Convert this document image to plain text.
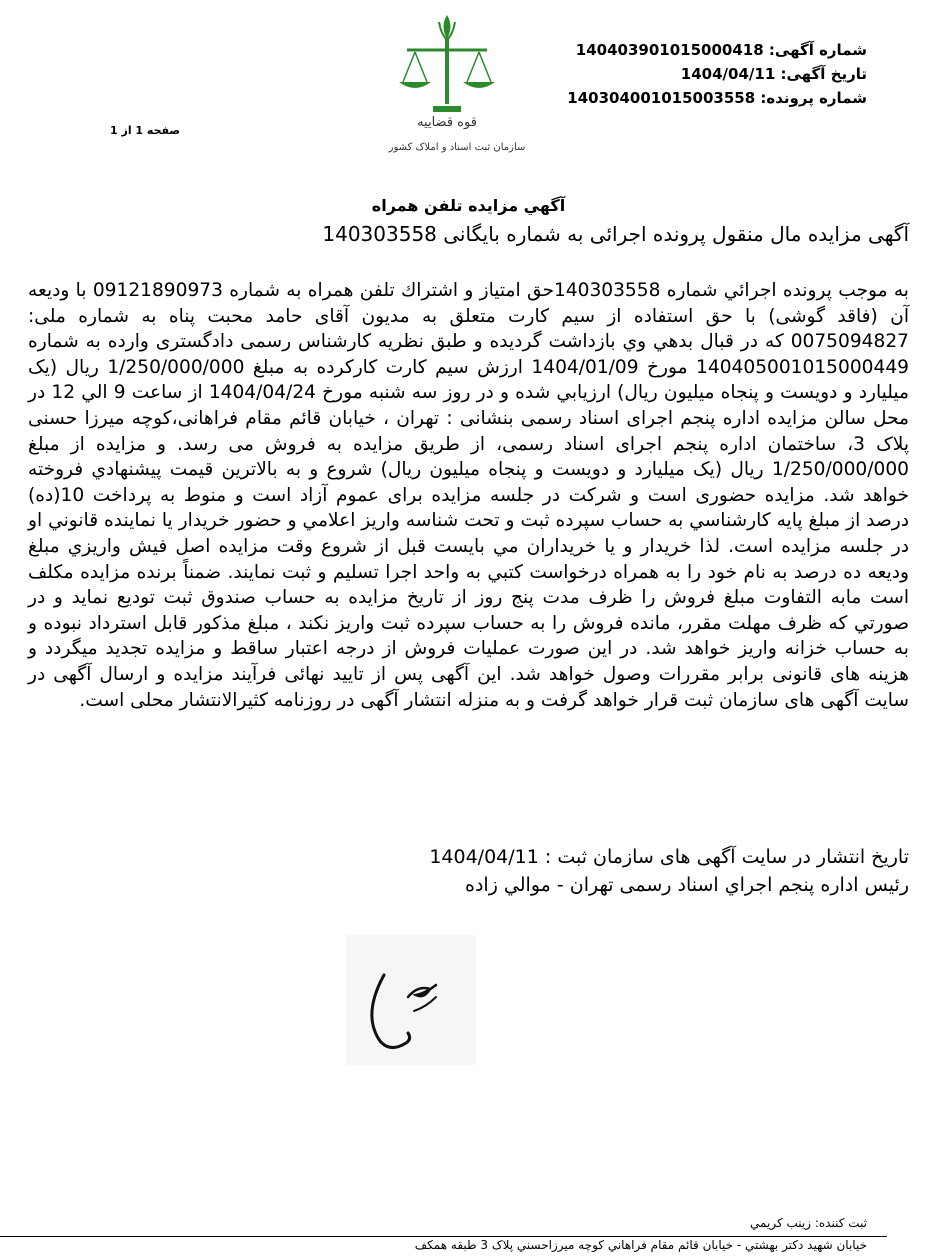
شماره آگهی: 14040390101500041‌8
تاریخ آگهی: 1404/04/11
شماره پرونده: 140304001015003558
قوه قضاییه
سازمان ثبت اسناد و املاک کشور
صفحه 1 از 1
آگهي مزايده تلفن همراه
آگهی مزایده مال منقول پرونده اجرائی به شماره بایگانی 140303558
به موجب پرونده اجرائي شماره 140303558حق امتیاز و اشتراك تلفن همراه به شماره 09121890973 با ودیعه آن (فاقد گوشی) با حق استفاده از سیم کارت متعلق به مدیون آقای حامد محبت پناه به شماره ملی: 0075094827 که در قبال بدهي وي بازداشت گرديده و طبق نظريه كارشناس رسمی دادگستری وارده به شماره 14040500101500044‌9 مورخ 1404/01/09 ارزش سیم کارت کارکرده به مبلغ 1/250/000/000 ريال (یک میلیارد و دویست و پنجاه میلیون ريال) ارزيابي شده و در روز سه شنبه مورخ 1404/04/24 از ساعت 9 الي 12 در محل سالن مزايده اداره پنجم اجرای اسناد رسمی بنشانی : تهران ، خیابان قائم مقام فراهانی،کوچه میرزا حسنی پلاک 3، ساختمان اداره پنجم اجرای اسناد رسمی، از طريق مزايده به فروش می رسد. و مزايده از مبلغ 1/250/000/000 ريال (یک میلیارد و دویست و پنجاه میلیون ريال) شروع و به بالاترين قيمت پيشنهادي فروخته خواهد شد. مزایده حضوری است و شرکت در جلسه مزایده برای عموم آزاد است و منوط به پرداخت 10(ده) درصد از مبلغ پايه كارشناسي به حساب سپرده ثبت و تحت شناسه واريز اعلامي و حضور خریدار يا نماينده قانوني او در جلسه مزايده است. لذا خريدار و يا خريداران مي بايست قبل از شروع وقت مزايده اصل فيش واريزي مبلغ وديعه ده درصد به نام خود را به همراه درخواست كتبي به واحد اجرا تسليم و ثبت نمايند. ضمناً برنده مزايده مكلف است مابه التفاوت مبلغ فروش را ظرف مدت پنج روز از تاريخ مزايده به حساب صندوق ثبت توديع نمايد و در صورتي كه ظرف مهلت مقرر، مانده فروش را به حساب سپرده ثبت واريز نكند ، مبلغ مذكور قابل استرداد نبوده و به حساب خزانه واريز خواهد شد. در این صورت عملیات فروش از درجه اعتبار ساقط و مزایده تجدید میگردد و هزینه های قانونی برابر مقررات وصول خواهد شد. این آگهی پس از تایید نهائی فرآیند مزایده و ارسال آگهی در سایت آگهی های سازمان ثبت قرار خواهد گرفت و به منزله انتشار آگهی در روزنامه کثیرالانتشار محلی است.
تاریخ انتشار در سایت آگهی های سازمان ثبت : 1404/04/11
رئيس اداره پنجم اجراي اسناد رسمی تهران - موالي زاده
ثبت کننده: زینب کریمي
خيابان شهيد دكتر بهشتي - خيابان قائم مقام فراهاني كوچه ميرزاحسني پلاک 3 طبقه همكف
